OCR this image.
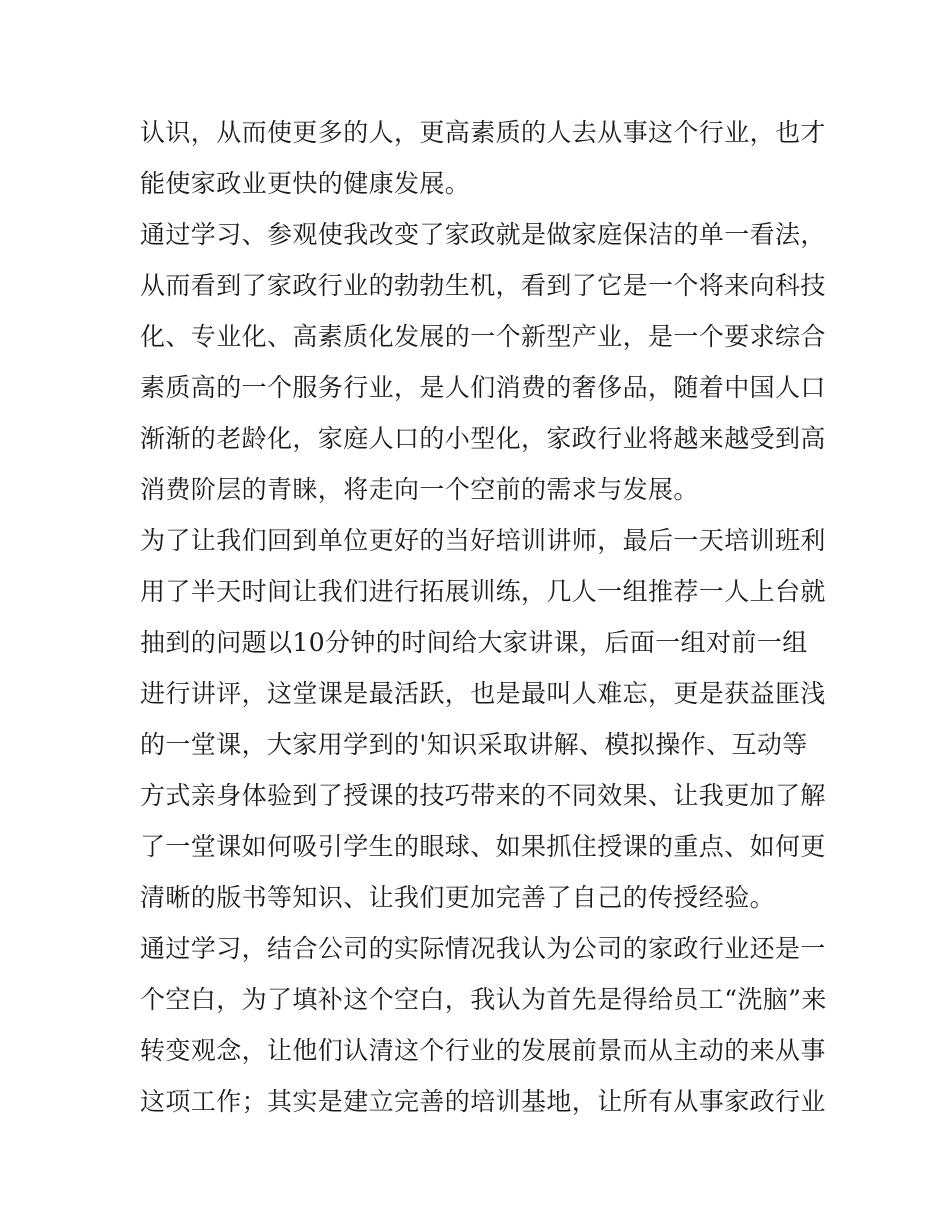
认识，从而使更多的人，更高素质的人去从事这个行业，也才
能使家政业更快的健康发展。
通过学习、参观使我改变了家政就是做家庭保洁的单一看法，
从而看到了家政行业的勃勃生机，看到了它是一个将来向科技
化、专业化、高素质化发展的一个新型产业，是一个要求综合
素质高的一个服务行业，是人们消费的奢侈品，随着中国人口
渐渐的老龄化，家庭人口的小型化，家政行业将越来越受到高
消费阶层的青睐，将走向一个空前的需求与发展。
为了让我们回到单位更好的当好培训讲师，最后一天培训班利
用了半天时间让我们进行拓展训练，几人一组推荐一人上台就
抽到的问题以10分钟的时间给大家讲课，后面一组对前一组
进行讲评，这堂课是最活跃，也是最叫人难忘，更是获益匪浅
的一堂课，大家用学到的'知识采取讲解、模拟操作、互动等
方式亲身体验到了授课的技巧带来的不同效果、让我更加了解
了一堂课如何吸引学生的眼球、如果抓住授课的重点、如何更
清晰的版书等知识、让我们更加完善了自己的传授经验。
通过学习，结合公司的实际情况我认为公司的家政行业还是一
个空白，为了填补这个空白，我认为首先是得给员工“洗脑”来
转变观念，让他们认清这个行业的发展前景而从主动的来从事
这项工作；其实是建立完善的培训基地，让所有从事家政行业
